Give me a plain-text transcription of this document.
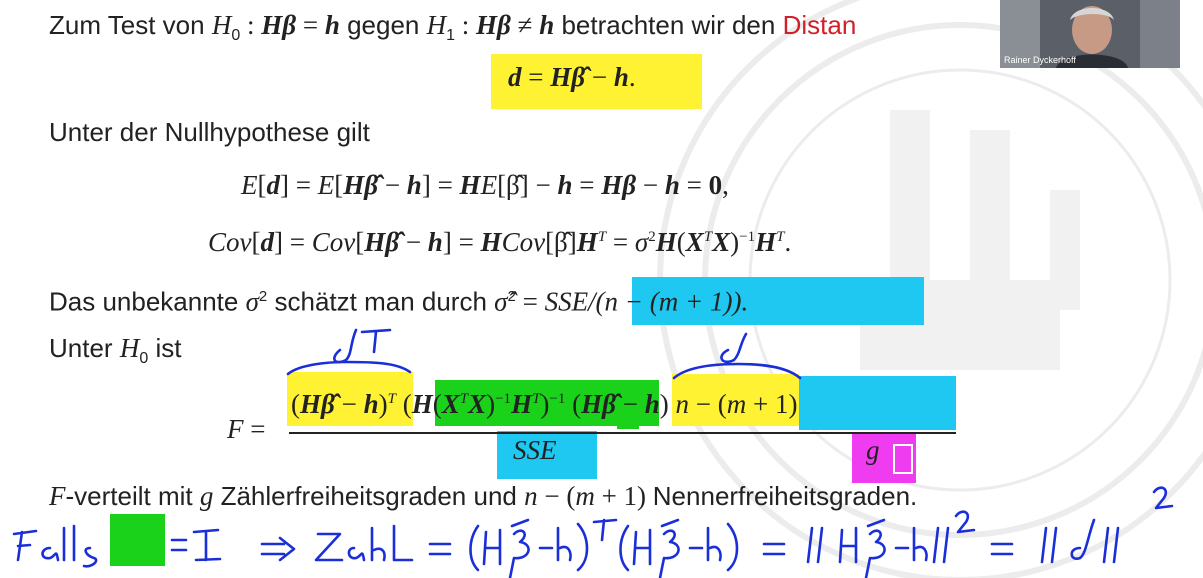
Zum Test von $H_0$ : Hβ = h gegen $H_1$ : Hβ ≠ h betrachten wir den Distan
d = Hβ̂ − h.
Unter der Nullhypothese gilt
E[d] = E[Hβ̂ − h] = HE[β̂] − h = Hβ − h = 0,
Cov[d] = Cov[Hβ̂ − $h] = HCov[\betâ]H^T = \sigma^2H(X^TX)^{-1}H^T$.
Das unbekannte $\sigma^2$ schätzt man durch σ̂$^2$ = SSE/(n − (m + 1)).
Unter $H_0$ ist
F =
(Hβ̂ − h)$^T$ $(H(X^TX)^{-1}H^T)^{-1}$ (Hβ̂ − h) n − (m + 1)
SSE	g
F-verteilt mit g Zählerfreiheitsgraden und n − (m + 1) Nennerfreiheitsgraden.
Rainer Dyckerhoff
